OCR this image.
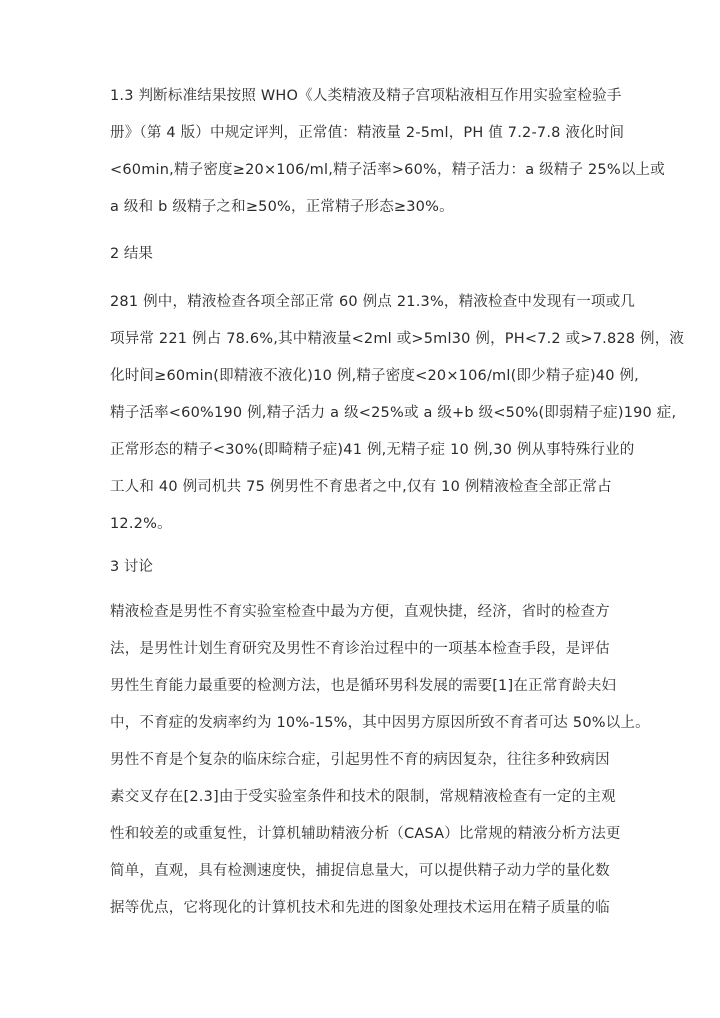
1.3 判断标准结果按照 WHO《人类精液及精子宫项粘液相互作用实验室检验手
册》（第 4 版）中规定评判，正常值：精液量 2-5ml，PH 值 7.2-7.8 液化时间
<60min,精子密度≥20×106/ml,精子活率>60%，精子活力：a 级精子 25%以上或
a 级和 b 级精子之和≥50%，正常精子形态≥30%。
2 结果
281 例中，精液检查各项全部正常 60 例点 21.3%，精液检查中发现有一项或几
项异常 221 例占 78.6%,其中精液量<2ml 或>5ml30 例，PH<7.2 或>7.828 例，液
化时间≥60min(即精液不液化)10 例,精子密度<20×106/ml(即少精子症)40 例,
精子活率<60%190 例,精子活力 a 级<25%或 a 级+b 级<50%(即弱精子症)190 症,
正常形态的精子<30%(即畸精子症)41 例,无精子症 10 例,30 例从事特殊行业的
工人和 40 例司机共 75 例男性不育患者之中,仅有 10 例精液检查全部正常占
12.2%。
3 讨论
精液检查是男性不育实验室检查中最为方便，直观快捷，经济，省时的检查方
法，是男性计划生育研究及男性不育诊治过程中的一项基本检查手段，是评估
男性生育能力最重要的检测方法，也是循环男科发展的需要[1]在正常育龄夫妇
中，不育症的发病率约为 10%-15%，其中因男方原因所致不育者可达 50%以上。
男性不育是个复杂的临床综合症，引起男性不育的病因复杂，往往多种致病因
素交叉存在[2.3]由于受实验室条件和技术的限制，常规精液检查有一定的主观
性和较差的或重复性，计算机辅助精液分析（CASA）比常规的精液分析方法更
简单，直观，具有检测速度快，捕捉信息量大，可以提供精子动力学的量化数
据等优点，它将现化的计算机技术和先进的图象处理技术运用在精子质量的临
